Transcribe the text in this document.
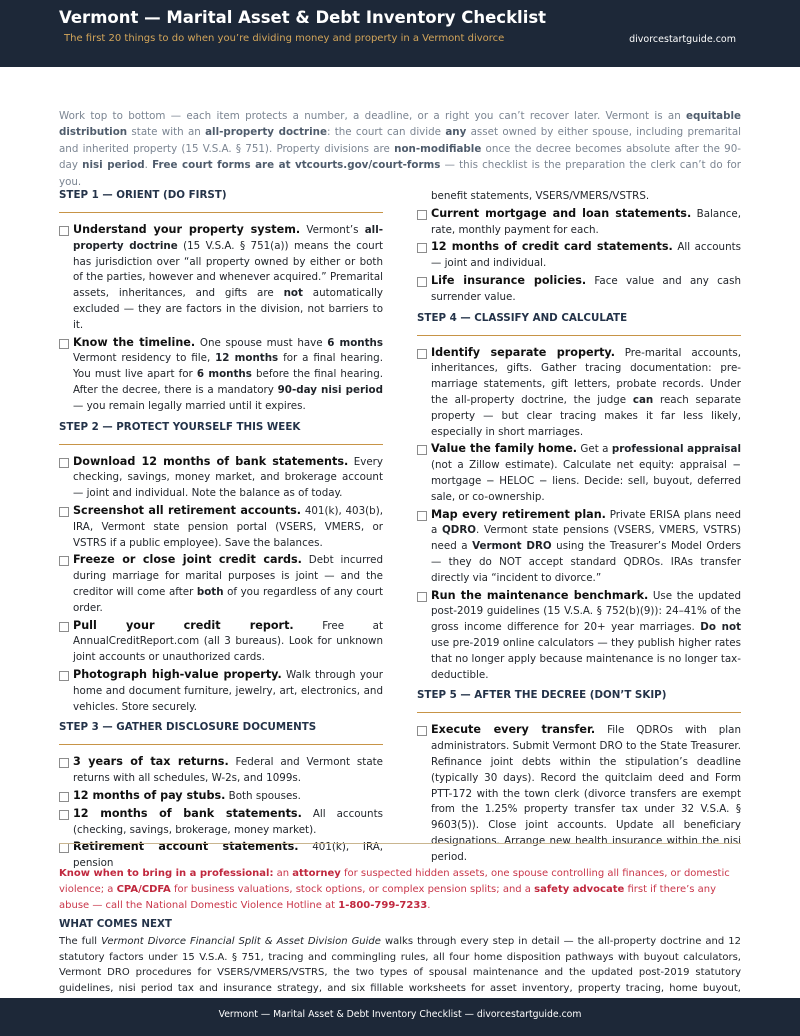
Vermont — Marital Asset & Debt Inventory Checklist
The first 20 things to do when you’re dividing money and property in a Vermont divorce	divorcestartguide.com
Work top to bottom — each item protects a number, a deadline, or a right you can’t recover later. Vermont is an equitable distribution state with an all-property doctrine: the court can divide any asset owned by either spouse, including premarital and inherited property (15 V.S.A. § 751). Property divisions are non-modifiable once the decree becomes absolute after the 90-day nisi period. Free court forms are at vtcourts.gov/court-forms — this checklist is the preparation the clerk can’t do for you.
STEP 1 — ORIENT (DO FIRST)
Understand your property system. Vermont’s all-property doctrine (15 V.S.A. § 751(a)) means the court has jurisdiction over “all property owned by either or both of the parties, however and whenever acquired.” Premarital assets, inheritances, and gifts are not automatically excluded — they are factors in the division, not barriers to it.
Know the timeline. One spouse must have 6 months Vermont residency to file, 12 months for a final hearing. You must live apart for 6 months before the final hearing. After the decree, there is a mandatory 90-day nisi period — you remain legally married until it expires.
STEP 2 — PROTECT YOURSELF THIS WEEK
Download 12 months of bank statements. Every checking, savings, money market, and brokerage account — joint and individual. Note the balance as of today.
Screenshot all retirement accounts. 401(k), 403(b), IRA, Vermont state pension portal (VSERS, VMERS, or VSTRS if a public employee). Save the balances.
Freeze or close joint credit cards. Debt incurred during marriage for marital purposes is joint — and the creditor will come after both of you regardless of any court order.
Pull your credit report. Free at AnnualCreditReport.com (all 3 bureaus). Look for unknown joint accounts or unauthorized cards.
Photograph high-value property. Walk through your home and document furniture, jewelry, art, electronics, and vehicles. Store securely.
STEP 3 — GATHER DISCLOSURE DOCUMENTS
3 years of tax returns. Federal and Vermont state returns with all schedules, W-2s, and 1099s.
12 months of pay stubs. Both spouses.
12 months of bank statements. All accounts (checking, savings, brokerage, money market).
Retirement account statements. 401(k), IRA, pension
benefit statements, VSERS/VMERS/VSTRS.
Current mortgage and loan statements. Balance, rate, monthly payment for each.
12 months of credit card statements. All accounts — joint and individual.
Life insurance policies. Face value and any cash surrender value.
STEP 4 — CLASSIFY AND CALCULATE
Identify separate property. Pre-marital accounts, inheritances, gifts. Gather tracing documentation: pre-marriage statements, gift letters, probate records. Under the all-property doctrine, the judge can reach separate property — but clear tracing makes it far less likely, especially in short marriages.
Value the family home. Get a professional appraisal (not a Zillow estimate). Calculate net equity: appraisal − mortgage − HELOC − liens. Decide: sell, buyout, deferred sale, or co-ownership.
Map every retirement plan. Private ERISA plans need a QDRO. Vermont state pensions (VSERS, VMERS, VSTRS) need a Vermont DRO using the Treasurer’s Model Orders — they do NOT accept standard QDROs. IRAs transfer directly via “incident to divorce.”
Run the maintenance benchmark. Use the updated post-2019 guidelines (15 V.S.A. § 752(b)(9)): 24–41% of the gross income difference for 20+ year marriages. Do not use pre-2019 online calculators — they publish higher rates that no longer apply because maintenance is no longer tax-deductible.
STEP 5 — AFTER THE DECREE (DON’T SKIP)
Execute every transfer. File QDROs with plan administrators. Submit Vermont DRO to the State Treasurer. Refinance joint debts within the stipulation’s deadline (typically 30 days). Record the quitclaim deed and Form PTT-172 with the town clerk (divorce transfers are exempt from the 1.25% property transfer tax under 32 V.S.A. § 9603(5)). Close joint accounts. Update all beneficiary designations. Arrange new health insurance within the nisi period.
Know when to bring in a professional: an attorney for suspected hidden assets, one spouse controlling all finances, or domestic violence; a CPA/CDFA for business valuations, stock options, or complex pension splits; and a safety advocate first if there’s any abuse — call the National Domestic Violence Hotline at 1-800-799-7233.
WHAT COMES NEXT
The full Vermont Divorce Financial Split & Asset Division Guide walks through every step in detail — the all-property doctrine and 12 statutory factors under 15 V.S.A. § 751, tracing and commingling rules, all four home disposition pathways with buyout calculators, Vermont DRO procedures for VSERS/VMERS/VSTRS, the two types of spousal maintenance and the updated post-2019 statutory guidelines, nisi period tax and insurance strategy, and six fillable worksheets for asset inventory, property tracing, home buyout,
Vermont — Marital Asset & Debt Inventory Checklist — divorcestartguide.com
